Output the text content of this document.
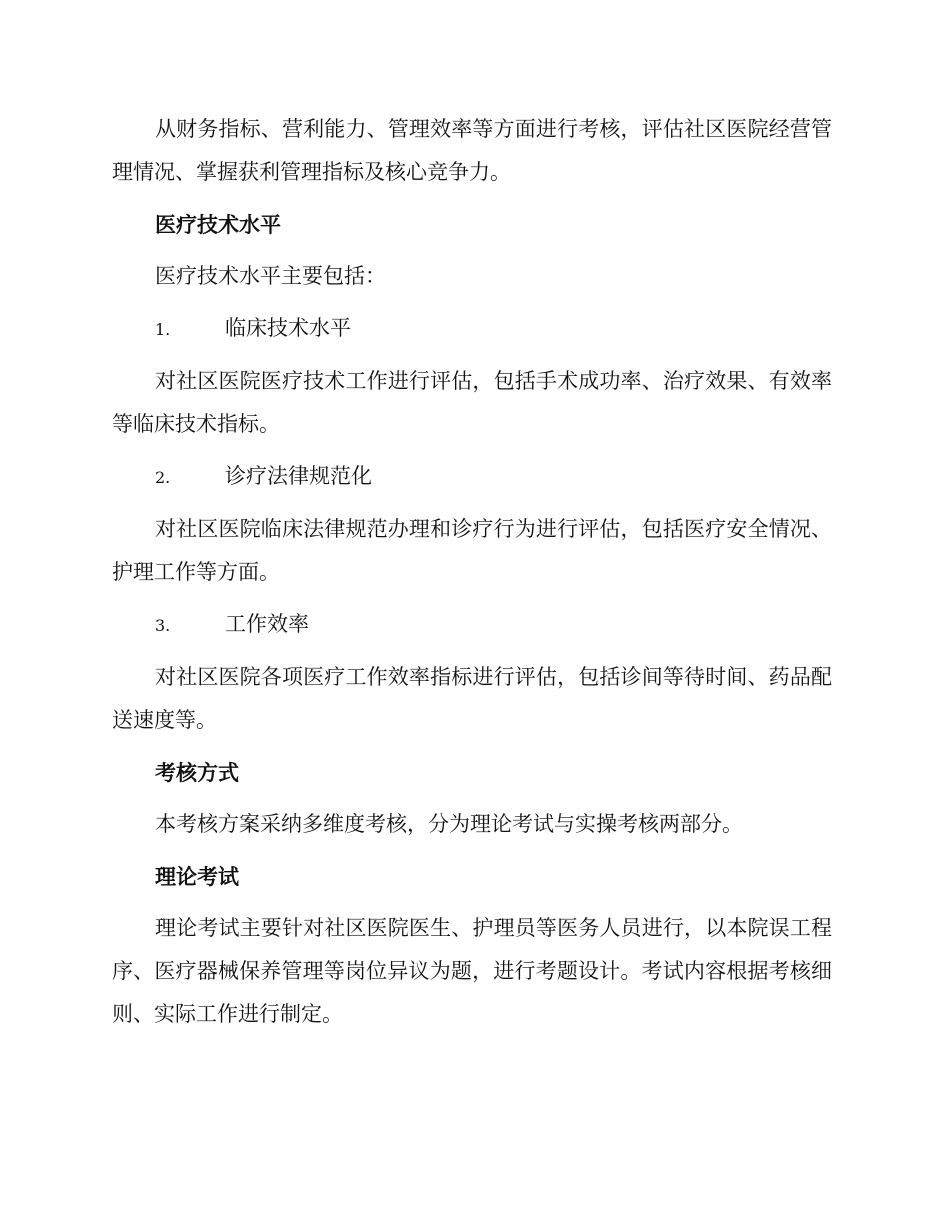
从财务指标、营利能力、管理效率等方面进行考核，评估社区医院经营管理情况、掌握获利管理指标及核心竞争力。

医疗技术水平

医疗技术水平主要包括：

1.	临床技术水平

对社区医院医疗技术工作进行评估，包括手术成功率、治疗效果、有效率等临床技术指标。

2.	诊疗法律规范化

对社区医院临床法律规范办理和诊疗行为进行评估，包括医疗安全情况、护理工作等方面。

3.	工作效率

对社区医院各项医疗工作效率指标进行评估，包括诊间等待时间、药品配送速度等。

考核方式

本考核方案采纳多维度考核，分为理论考试与实操考核两部分。

理论考试

理论考试主要针对社区医院医生、护理员等医务人员进行，以本院误工程序、医疗器械保养管理等岗位异议为题，进行考题设计。考试内容根据考核细则、实际工作进行制定。
